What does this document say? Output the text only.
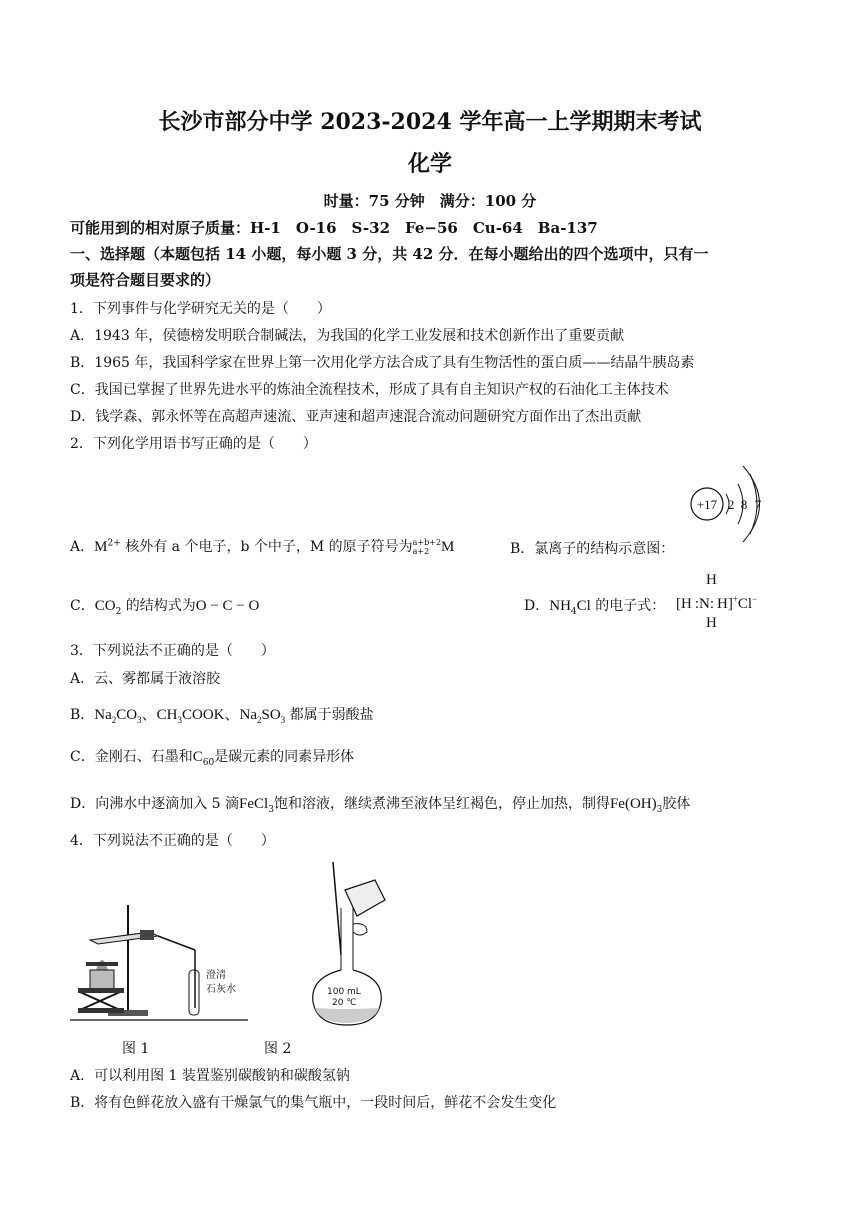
长沙市部分中学 2023-2024 学年高一上学期期末考试
化学
时量：75 分钟　满分：100 分
可能用到的相对原子质量：H-1　O-16　S-32　Fe−56　Cu-64　Ba-137
一、选择题（本题包括 14 小题，每小题 3 分，共 42 分．在每小题给出的四个选项中，只有一
项是符合题目要求的）
1．下列事件与化学研究无关的是（　　）
A．1943 年，侯德榜发明联合制碱法，为我国的化学工业发展和技术创新作出了重要贡献
B．1965 年，我国科学家在世界上第一次用化学方法合成了具有生物活性的蛋白质——结晶牛胰岛素
C．我国已掌握了世界先进水平的炼油全流程技术，形成了具有自主知识产权的石油化工主体技术
D．钱学森、郭永怀等在高超声速流、亚声速和超声速混合流动问题研究方面作出了杰出贡献
2．下列化学用语书写正确的是（　　）
+17 2 8 7
A．$M^{2+}$ 核外有 a 个电子，b 个中子，M 的原子符号为a+b+2
a+2 M	B．氯离子的结构示意图：
C．$CO_2$ 的结构式为O − C − O	D．$NH_4Cl$ 的电子式：
H
H
[H :N: H]+Cl−
3．下列说法不正确的是（　　）
A．云、雾都属于液溶胶
B．$Na_2CO_3$、$CH_3COOK$、$Na_2SO_3$ 都属于弱酸盐
C．金刚石、石墨和$C_{60}$是碳元素的同素异形体
D．向沸水中逐滴加入 5 滴FeCl$_3$饱和溶液，继续煮沸至液体呈红褐色，停止加热，制得$Fe(OH)_3$胶体
4．下列说法不正确的是（　　）
澄清
石灰水	100 mL
20 ℃
图 1	图 2
A．可以利用图 1 装置鉴别碳酸钠和碳酸氢钠
B．将有色鲜花放入盛有干燥氯气的集气瓶中，一段时间后，鲜花不会发生变化
